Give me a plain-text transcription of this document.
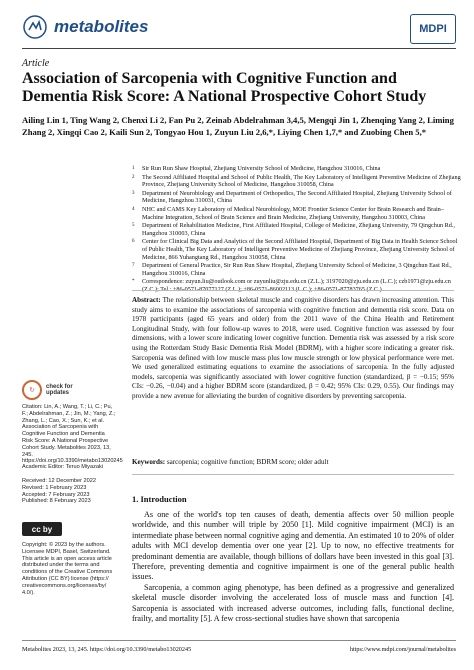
metabolites	MDPI
Article
Association of Sarcopenia with Cognitive Function and Dementia Risk Score: A National Prospective Cohort Study
Ailing Lin 1, Ting Wang 2, Chenxi Li 2, Fan Pu 2, Zeinab Abdelrahman 3,4,5, Mengqi Jin 1, Zhenqing Yang 2, Liming Zhang 2, Xingqi Cao 2, Kaili Sun 2, Tongyao Hou 1, Zuyun Liu 2,6,*, Liying Chen 1,7,* and Zuobing Chen 5,*
1	Sir Run Run Shaw Hospital, Zhejiang University School of Medicine, Hangzhou 310016, China
2	The Second Affiliated Hospital and School of Public Health, The Key Laboratory of Intelligent Preventive Medicine of Zhejiang Province, Zhejiang University School of Medicine, Hangzhou 310058, China
3	Department of Neurobiology and Department of Orthopedics, The Second Affiliated Hospital, Zhejiang University School of Medicine, Hangzhou 310031, China
4	NHC and CAMS Key Laboratory of Medical Neurobiology, MOE Frontier Science Center for Brain Research and Brain–Machine Integration, School of Brain Science and Brain Medicine, Zhejiang University, Hangzhou 310003, China
5	Department of Rehabilitation Medicine, First Affiliated Hospital, College of Medicine, Zhejiang University, 79 Qingchun Rd., Hangzhou 310003, China
6	Center for Clinical Big Data and Analytics of the Second Affiliated Hospital, Department of Big Data in Health Science School of Public Health, The Key Laboratory of Intelligent Preventive Medicine of Zhejiang Province, Zhejiang University School of Medicine, 866 Yuhangtang Rd., Hangzhou 310058, China
7	Department of General Practice, Sir Run Run Shaw Hospital, Zhejiang University School of Medicine, 3 Qingchun East Rd., Hangzhou 310016, China
*	Correspondence: zuyun.liu@outlook.com or zuyunliu@zju.edu.cn (Z.L.); 3197020@zju.edu.cn (L.C.); czb1971@zju.edu.cn
Abstract: The relationship between skeletal muscle and cognitive disorders has drawn increasing attention. This study aims to examine the associations of sarcopenia with cognitive function and dementia risk score. Data on 1978 participants (aged 65 years and older) from the 2011 wave of the China Health and Retirement Longitudinal Study, with four follow-up waves to 2018, were used. Cognitive function was assessed by four dimensions, with a lower score indicating lower cognitive function. Dementia risk was assessed by a risk score using the Rotterdam Study Basic Dementia Risk Model (BDRM), with a higher score indicating a greater risk. Sarcopenia was defined with low muscle mass plus low muscle strength or low physical performance were met. We used generalized estimating equations to examine the associations of sarcopenia. In the fully adjusted models, sarcopenia was significantly associated with lower cognitive function (standardized, β = −0.15; 95% CIs: −0.26, −0.04) and a higher BDRM score (standardized, β = 0.42; 95% CIs: 0.29, 0.55). Our findings may provide a new avenue for alleviating the burden of cognitive disorders by preventing sarcopenia.
Keywords: sarcopenia; cognitive function; BDRM score; older adult
↻	check for
updates
Citation: Lin, A.; Wang, T.; Li, C.; Pu, F.; Abdelrahman, Z.; Jin, M.; Yang, Z.; Zhang, L.; Cao, X.; Sun, K.; et al. Association of Sarcopenia with Cognitive Function and Dementia Risk Score: A National Prospective Cohort Study. Metabolites 2023, 13, 245. https://doi.org/10.3390/metabo13020245
Academic Editor: Teruo Miyazaki
Received: 12 December 2022
Revised: 1 February 2023
Accepted: 7 February 2023
Published: 8 February 2023
cc by
Copyright: © 2023 by the authors. Licensee MDPI, Basel, Switzerland. This article is an open access article distributed under the terms and conditions of the Creative Commons Attribution (CC BY) license (https:// creativecommons.org/licenses/by/ 4.0/).
1. Introduction

As one of the world's top ten causes of death, dementia affects over 50 million people worldwide, and this number will triple by 2050 [1]. Mild cognitive impairment (MCI) is an intermediate phase between normal cognitive aging and dementia. An estimated 10 to 20% of older adults with MCI develop dementia over one year [2]. Up to now, no effective treatments for predominant dementia are available, though billions of dollars have been invested in this goal [3]. Therefore, preventing dementia and cognitive impairment is one of the general public health issues.

Sarcopenia, a common aging phenotype, has been defined as a progressive and generalized skeletal muscle disorder involving the accelerated loss of muscle mass and function [4]. Sarcopenia is associated with increased adverse outcomes, including falls, functional decline, frailty, and mortality [5]. A few cross-sectional studies have shown that sarcopenia

Metabolites 2023, 13, 245. https://doi.org/10.3390/metabo13020245	https://www.mdpi.com/journal/metabolites
